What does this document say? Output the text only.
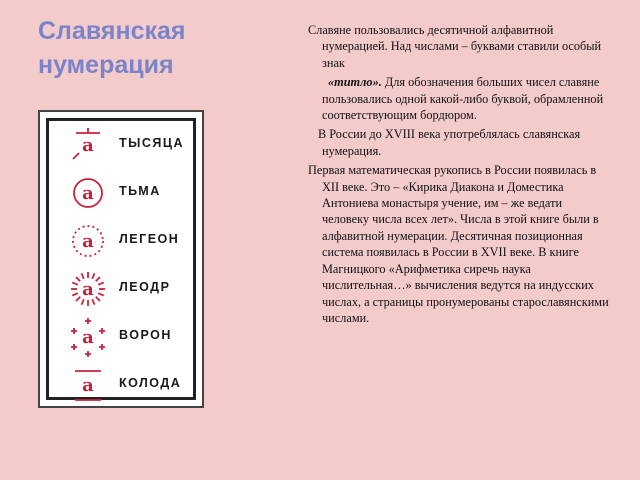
Славянская нумерация
а ТЫСЯЦА
а ТЬМА
а ЛЕГЕОН
а ЛЕОДР
а ВОРОН
а КОЛОДА

Славяне пользовались десятичной алфавитной нумерацией. Над числами – буквами ставили особый знак

«титло». Для обозначения больших чисел славяне пользовались одной какой-либо буквой, обрамленной соответствующим бордюром.

В России до XVIII века употреблялась славянская нумерация.

Первая математическая рукопись в России появилась в XII веке. Это – «Кирика Диакона и Доместика Антониева монастыря учение, им – же ведати человеку числа всех лет». Числа в этой книге были в алфавитной нумерации. Десятичная позиционная система появилась в России в XVII веке. В книге Магницкого «Арифметика сиречь наука числительная…» вычисления ведутся на индусских числах, а страницы пронумерованы старославянскими числами.
